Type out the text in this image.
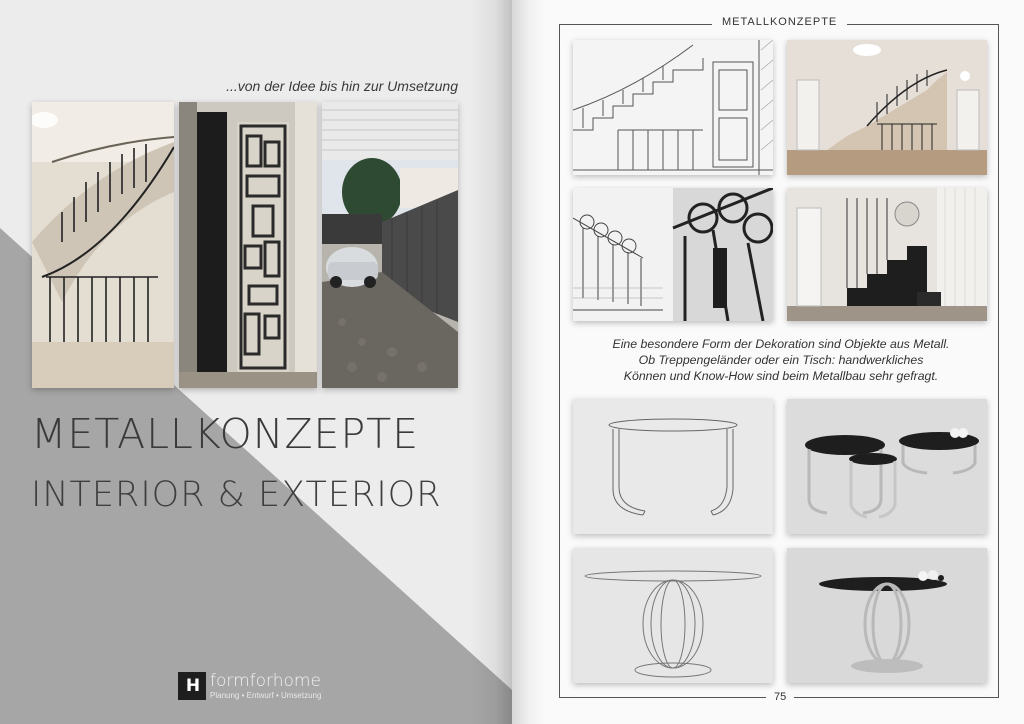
...von der Idee bis hin zur Umsetzung
METALLKONZEPTE
INTERIOR & EXTERIOR
H formforhome
Planung • Entwurf • Umsetzung
METALLKONZEPTE
Eine besondere Form der Dekoration sind Objekte aus Metall.
Ob Treppengeländer oder ein Tisch: handwerkliches
Können und Know-How sind beim Metallbau sehr gefragt.
75
